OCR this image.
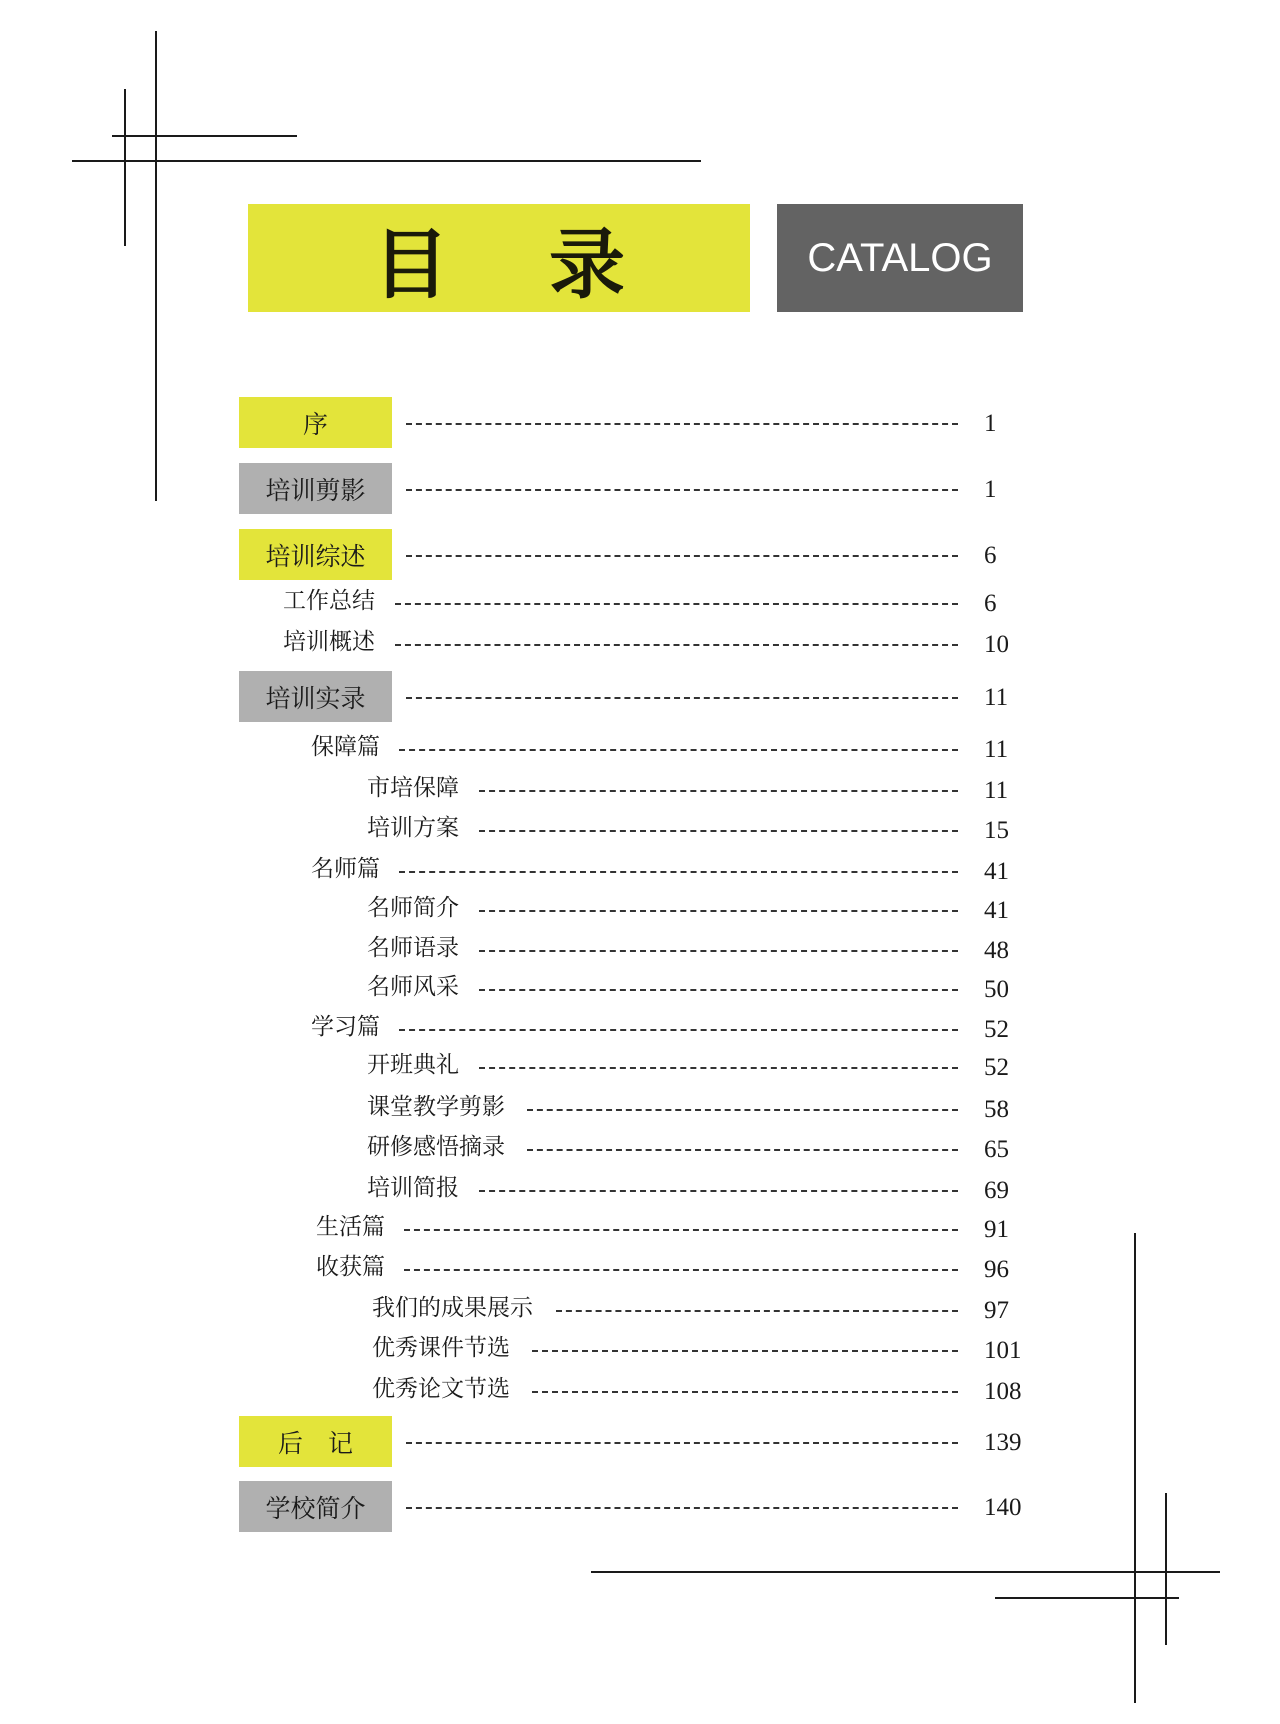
目录 CATALOG
序	1
培训剪影	1
培训综述	6
工作总结	6
培训概述	10
培训实录	11
保障篇	11
市培保障	11
培训方案	15
名师篇	41
名师简介	41
名师语录	48
名师风采	50
学习篇	52
开班典礼	52
课堂教学剪影	58
研修感悟摘录	65
培训简报	69
生活篇	91
收获篇	96
我们的成果展示	97
优秀课件节选	101
优秀论文节选	108
后　记	139
学校简介	140
